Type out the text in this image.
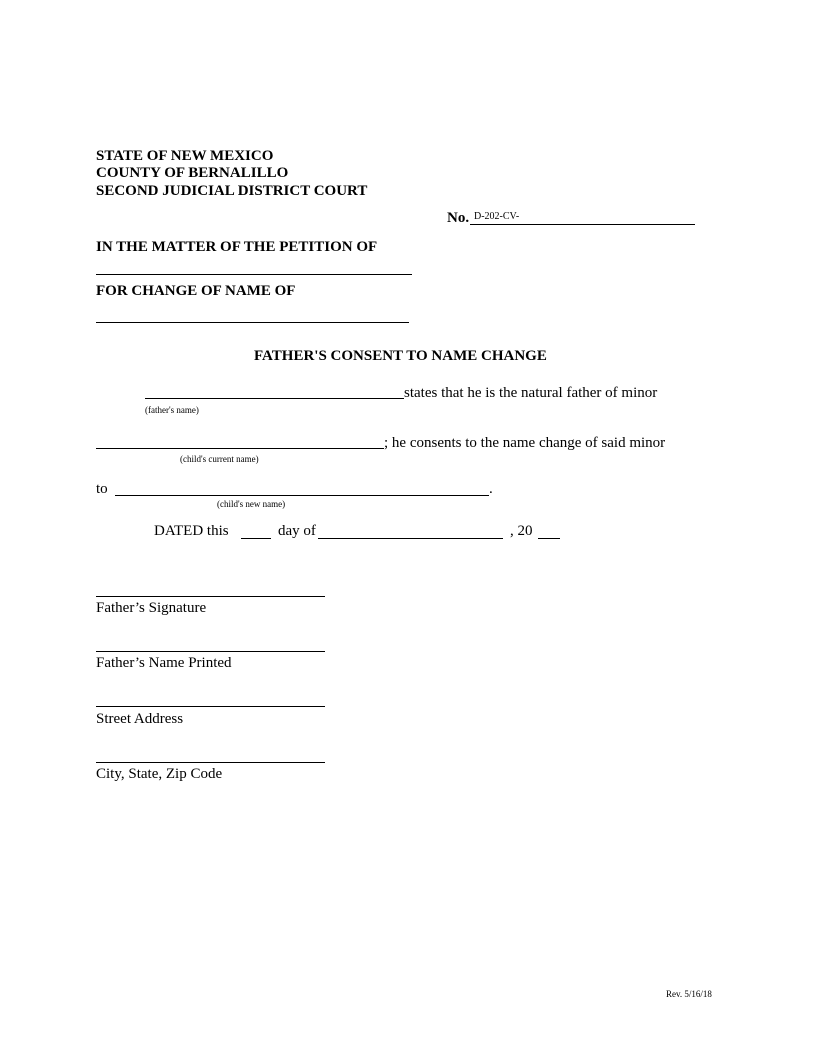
STATE OF NEW MEXICO
COUNTY OF BERNALILLO
SECOND JUDICIAL DISTRICT COURT
No. D-202-CV-
IN THE MATTER OF THE PETITION OF
FOR CHANGE OF NAME OF
FATHER'S CONSENT TO NAME CHANGE
states that he is the natural father of minor
(father's name)
; he consents to the name change of said minor
(child's current name)
to	.
(child's new name)
DATED this	day of	, 20
Father’s Signature
Father’s Name Printed
Street Address
City, State, Zip Code
Rev. 5/16/18
